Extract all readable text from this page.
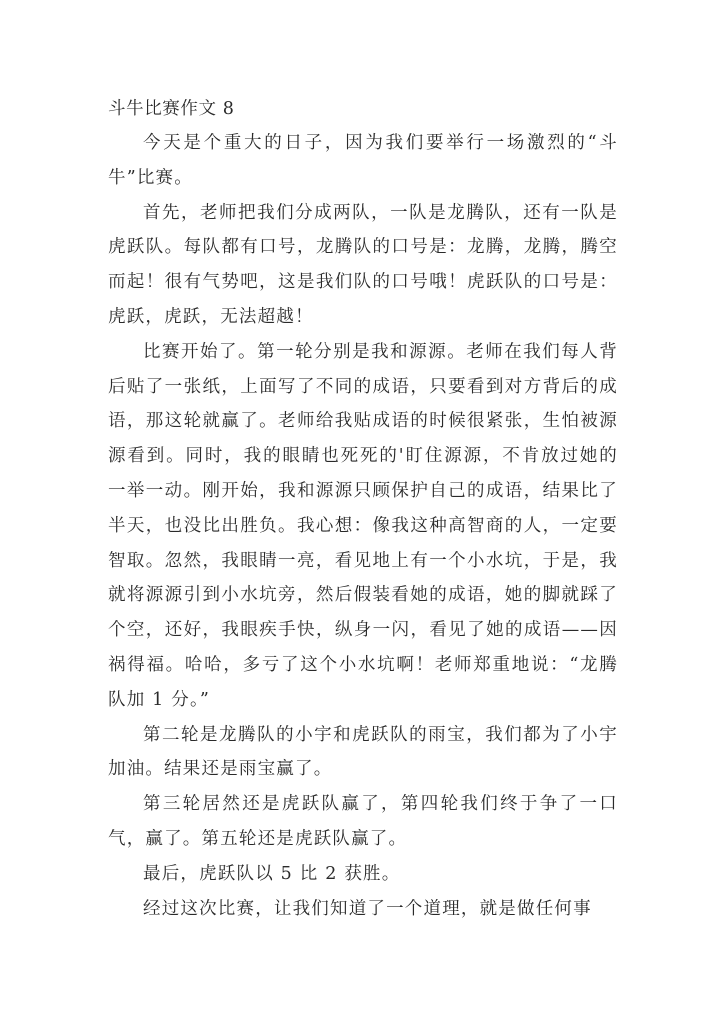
斗牛比赛作文 8

今天是个重大的日子，因为我们要举行一场激烈的“斗牛”比赛。

首先，老师把我们分成两队，一队是龙腾队，还有一队是虎跃队。每队都有口号，龙腾队的口号是：龙腾，龙腾，腾空而起！很有气势吧，这是我们队的口号哦！虎跃队的口号是：虎跃，虎跃，无法超越！

比赛开始了。第一轮分别是我和源源。老师在我们每人背后贴了一张纸，上面写了不同的成语，只要看到对方背后的成语，那这轮就赢了。老师给我贴成语的时候很紧张，生怕被源源看到。同时，我的眼睛也死死的'盯住源源，不肯放过她的一举一动。刚开始，我和源源只顾保护自己的成语，结果比了半天，也没比出胜负。我心想：像我这种高智商的人，一定要智取。忽然，我眼睛一亮，看见地上有一个小水坑，于是，我就将源源引到小水坑旁，然后假装看她的成语，她的脚就踩了个空，还好，我眼疾手快，纵身一闪，看见了她的成语——因祸得福。哈哈，多亏了这个小水坑啊！老师郑重地说：“龙腾队加 1 分。”

第二轮是龙腾队的小宇和虎跃队的雨宝，我们都为了小宇加油。结果还是雨宝赢了。

第三轮居然还是虎跃队赢了，第四轮我们终于争了一口气，赢了。第五轮还是虎跃队赢了。

最后，虎跃队以 5 比 2 获胜。

经过这次比赛，让我们知道了一个道理，就是做任何事
